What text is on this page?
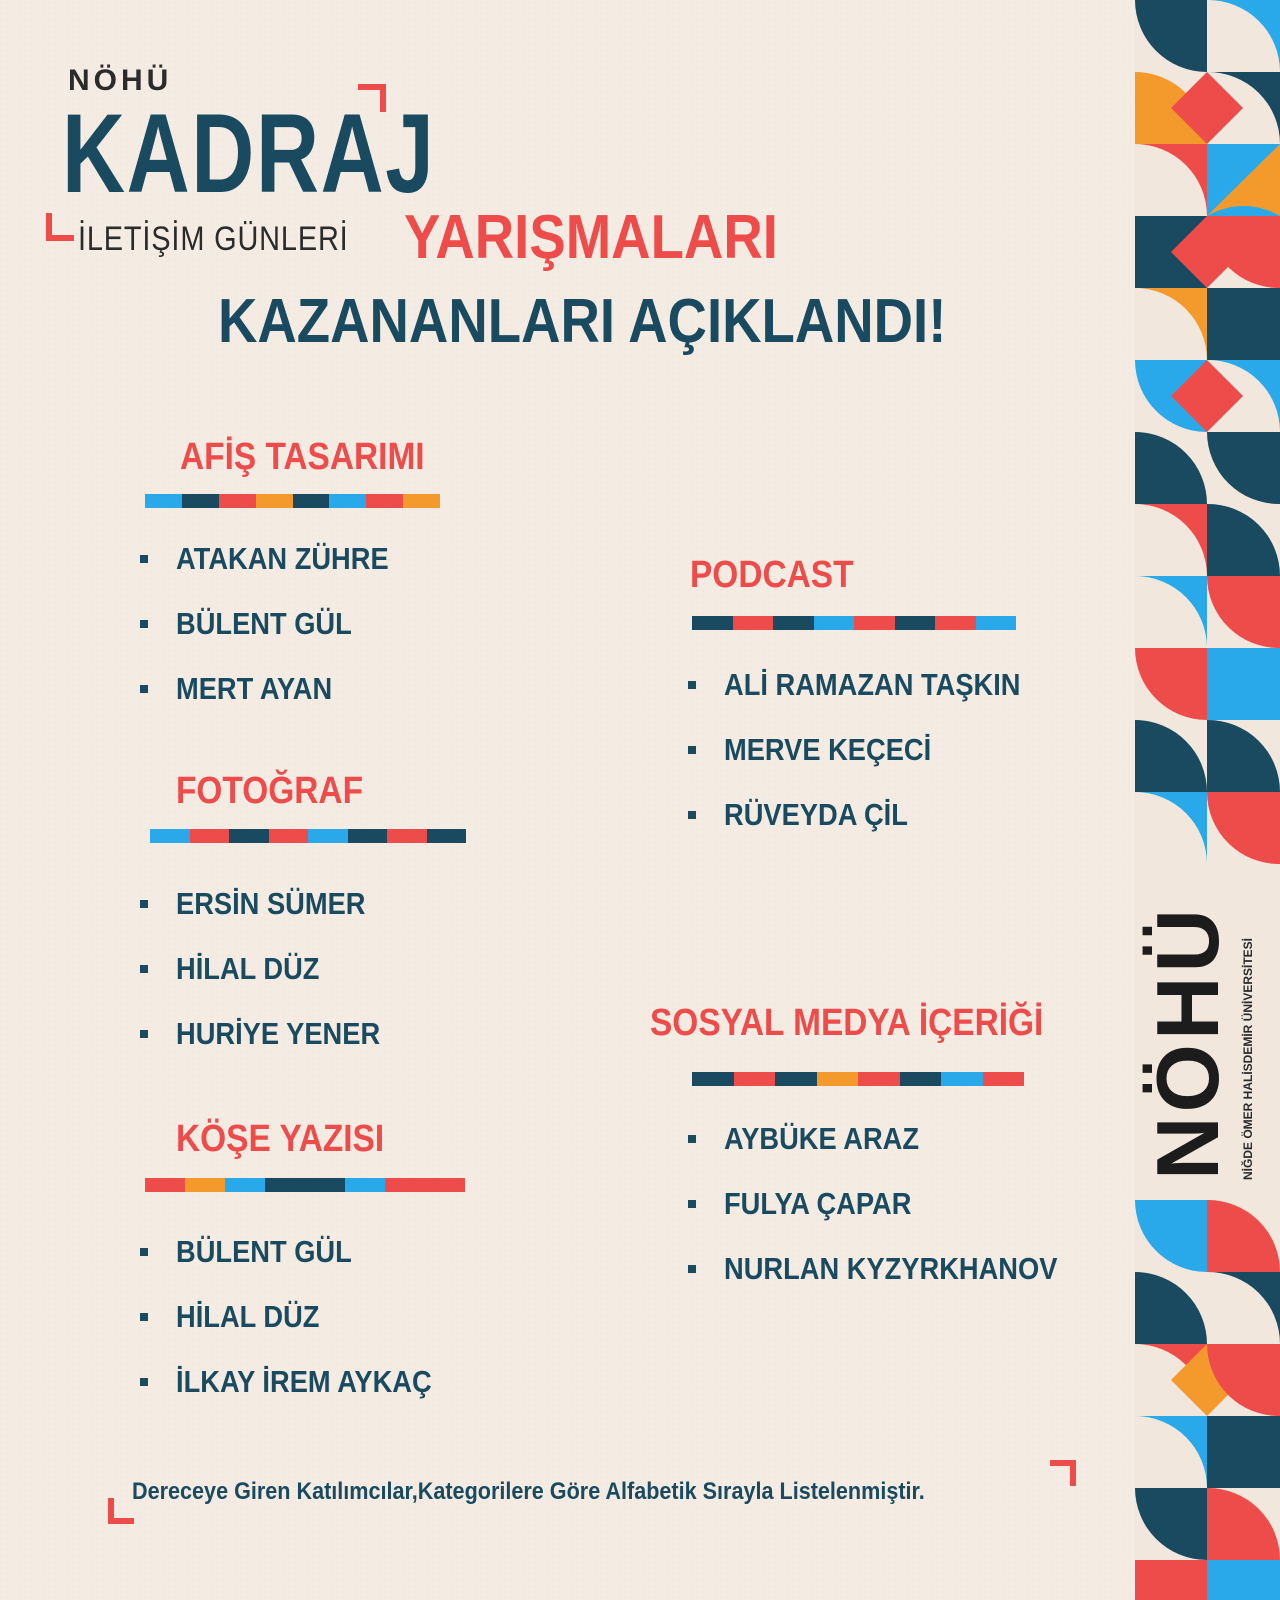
NÖHÜ
KADRAJ
İLETİŞİM GÜNLERİ YARIŞMALARI
KAZANANLARI AÇIKLANDI!
AFİŞ TASARIMI
ATAKAN ZÜHRE
BÜLENT GÜL
MERT AYAN
FOTOĞRAF
ERSİN SÜMER
HİLAL DÜZ
HURİYE YENER
KÖŞE YAZISI
BÜLENT GÜL
HİLAL DÜZ
İLKAY İREM AYKAÇ
PODCAST
ALİ RAMAZAN TAŞKIN
MERVE KEÇECİ
RÜVEYDA ÇİL
SOSYAL MEDYA İÇERİĞİ
AYBÜKE ARAZ
FULYA ÇAPAR
NURLAN KYZYRKHANOV
Dereceye Giren Katılımcılar,Kategorilere Göre Alfabetik Sırayla Listelenmiştir.
NÖHÜ NİĞDE ÖMER HALİSDEMİR ÜNİVERSİTESİ
